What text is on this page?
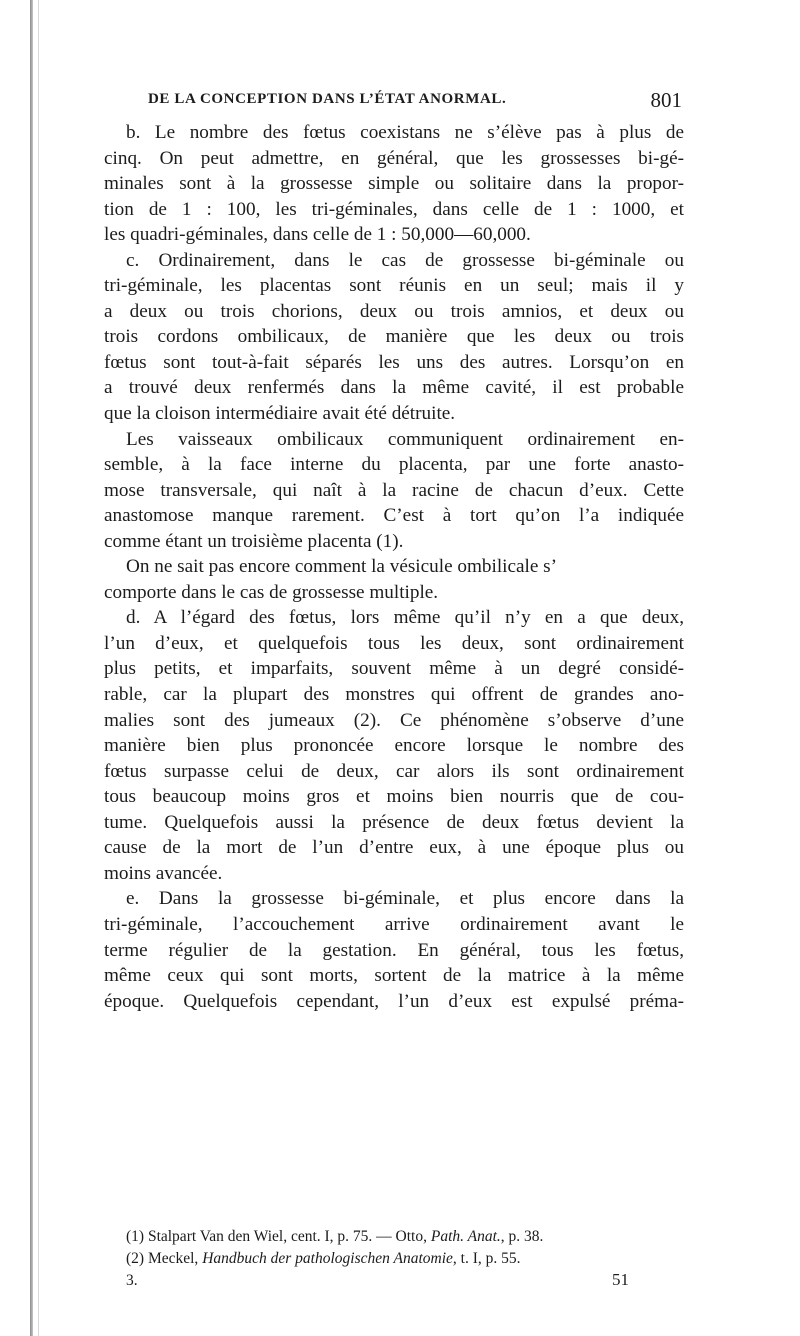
DE LA CONCEPTION DANS L’ÉTAT ANORMAL.	801
b. Le nombre des fœtus coexistans ne s’élève pas à plus de
cinq. On peut admettre, en général, que les grossesses bi-gé-
minales sont à la grossesse simple ou solitaire dans la propor-
tion de 1 : 100, les tri-géminales, dans celle de 1 : 1000, et
les quadri-géminales, dans celle de 1 : 50,000—60,000.
c. Ordinairement, dans le cas de grossesse bi-géminale ou
tri-géminale, les placentas sont réunis en un seul; mais il y
a deux ou trois chorions, deux ou trois amnios, et deux ou
trois cordons ombilicaux, de manière que les deux ou trois
fœtus sont tout-à-fait séparés les uns des autres. Lorsqu’on en
a trouvé deux renfermés dans la même cavité, il est probable
que la cloison intermédiaire avait été détruite.
Les vaisseaux ombilicaux communiquent ordinairement en-
semble, à la face interne du placenta, par une forte anasto-
mose transversale, qui naît à la racine de chacun d’eux. Cette
anastomose manque rarement. C’est à tort qu’on l’a indiquée
comme étant un troisième placenta (1).
On ne sait pas encore comment la vésicule ombilicale s’
comporte dans le cas de grossesse multiple.
d. A l’égard des fœtus, lors même qu’il n’y en a que deux,
l’un d’eux, et quelquefois tous les deux, sont ordinairement
plus petits, et imparfaits, souvent même à un degré considé-
rable, car la plupart des monstres qui offrent de grandes ano-
malies sont des jumeaux (2). Ce phénomène s’observe d’une
manière bien plus prononcée encore lorsque le nombre des
fœtus surpasse celui de deux, car alors ils sont ordinairement
tous beaucoup moins gros et moins bien nourris que de cou-
tume. Quelquefois aussi la présence de deux fœtus devient la
cause de la mort de l’un d’entre eux, à une époque plus ou
moins avancée.
e. Dans la grossesse bi-géminale, et plus encore dans la
tri-géminale, l’accouchement arrive ordinairement avant le
terme régulier de la gestation. En général, tous les fœtus,
même ceux qui sont morts, sortent de la matrice à la même
époque. Quelquefois cependant, l’un d’eux est expulsé préma-
(1) Stalpart Van den Wiel, cent. I, p. 75. — Otto, Path. Anat., p. 38.
(2) Meckel, Handbuch der pathologischen Anatomie, t. I, p. 55.
3.	51
